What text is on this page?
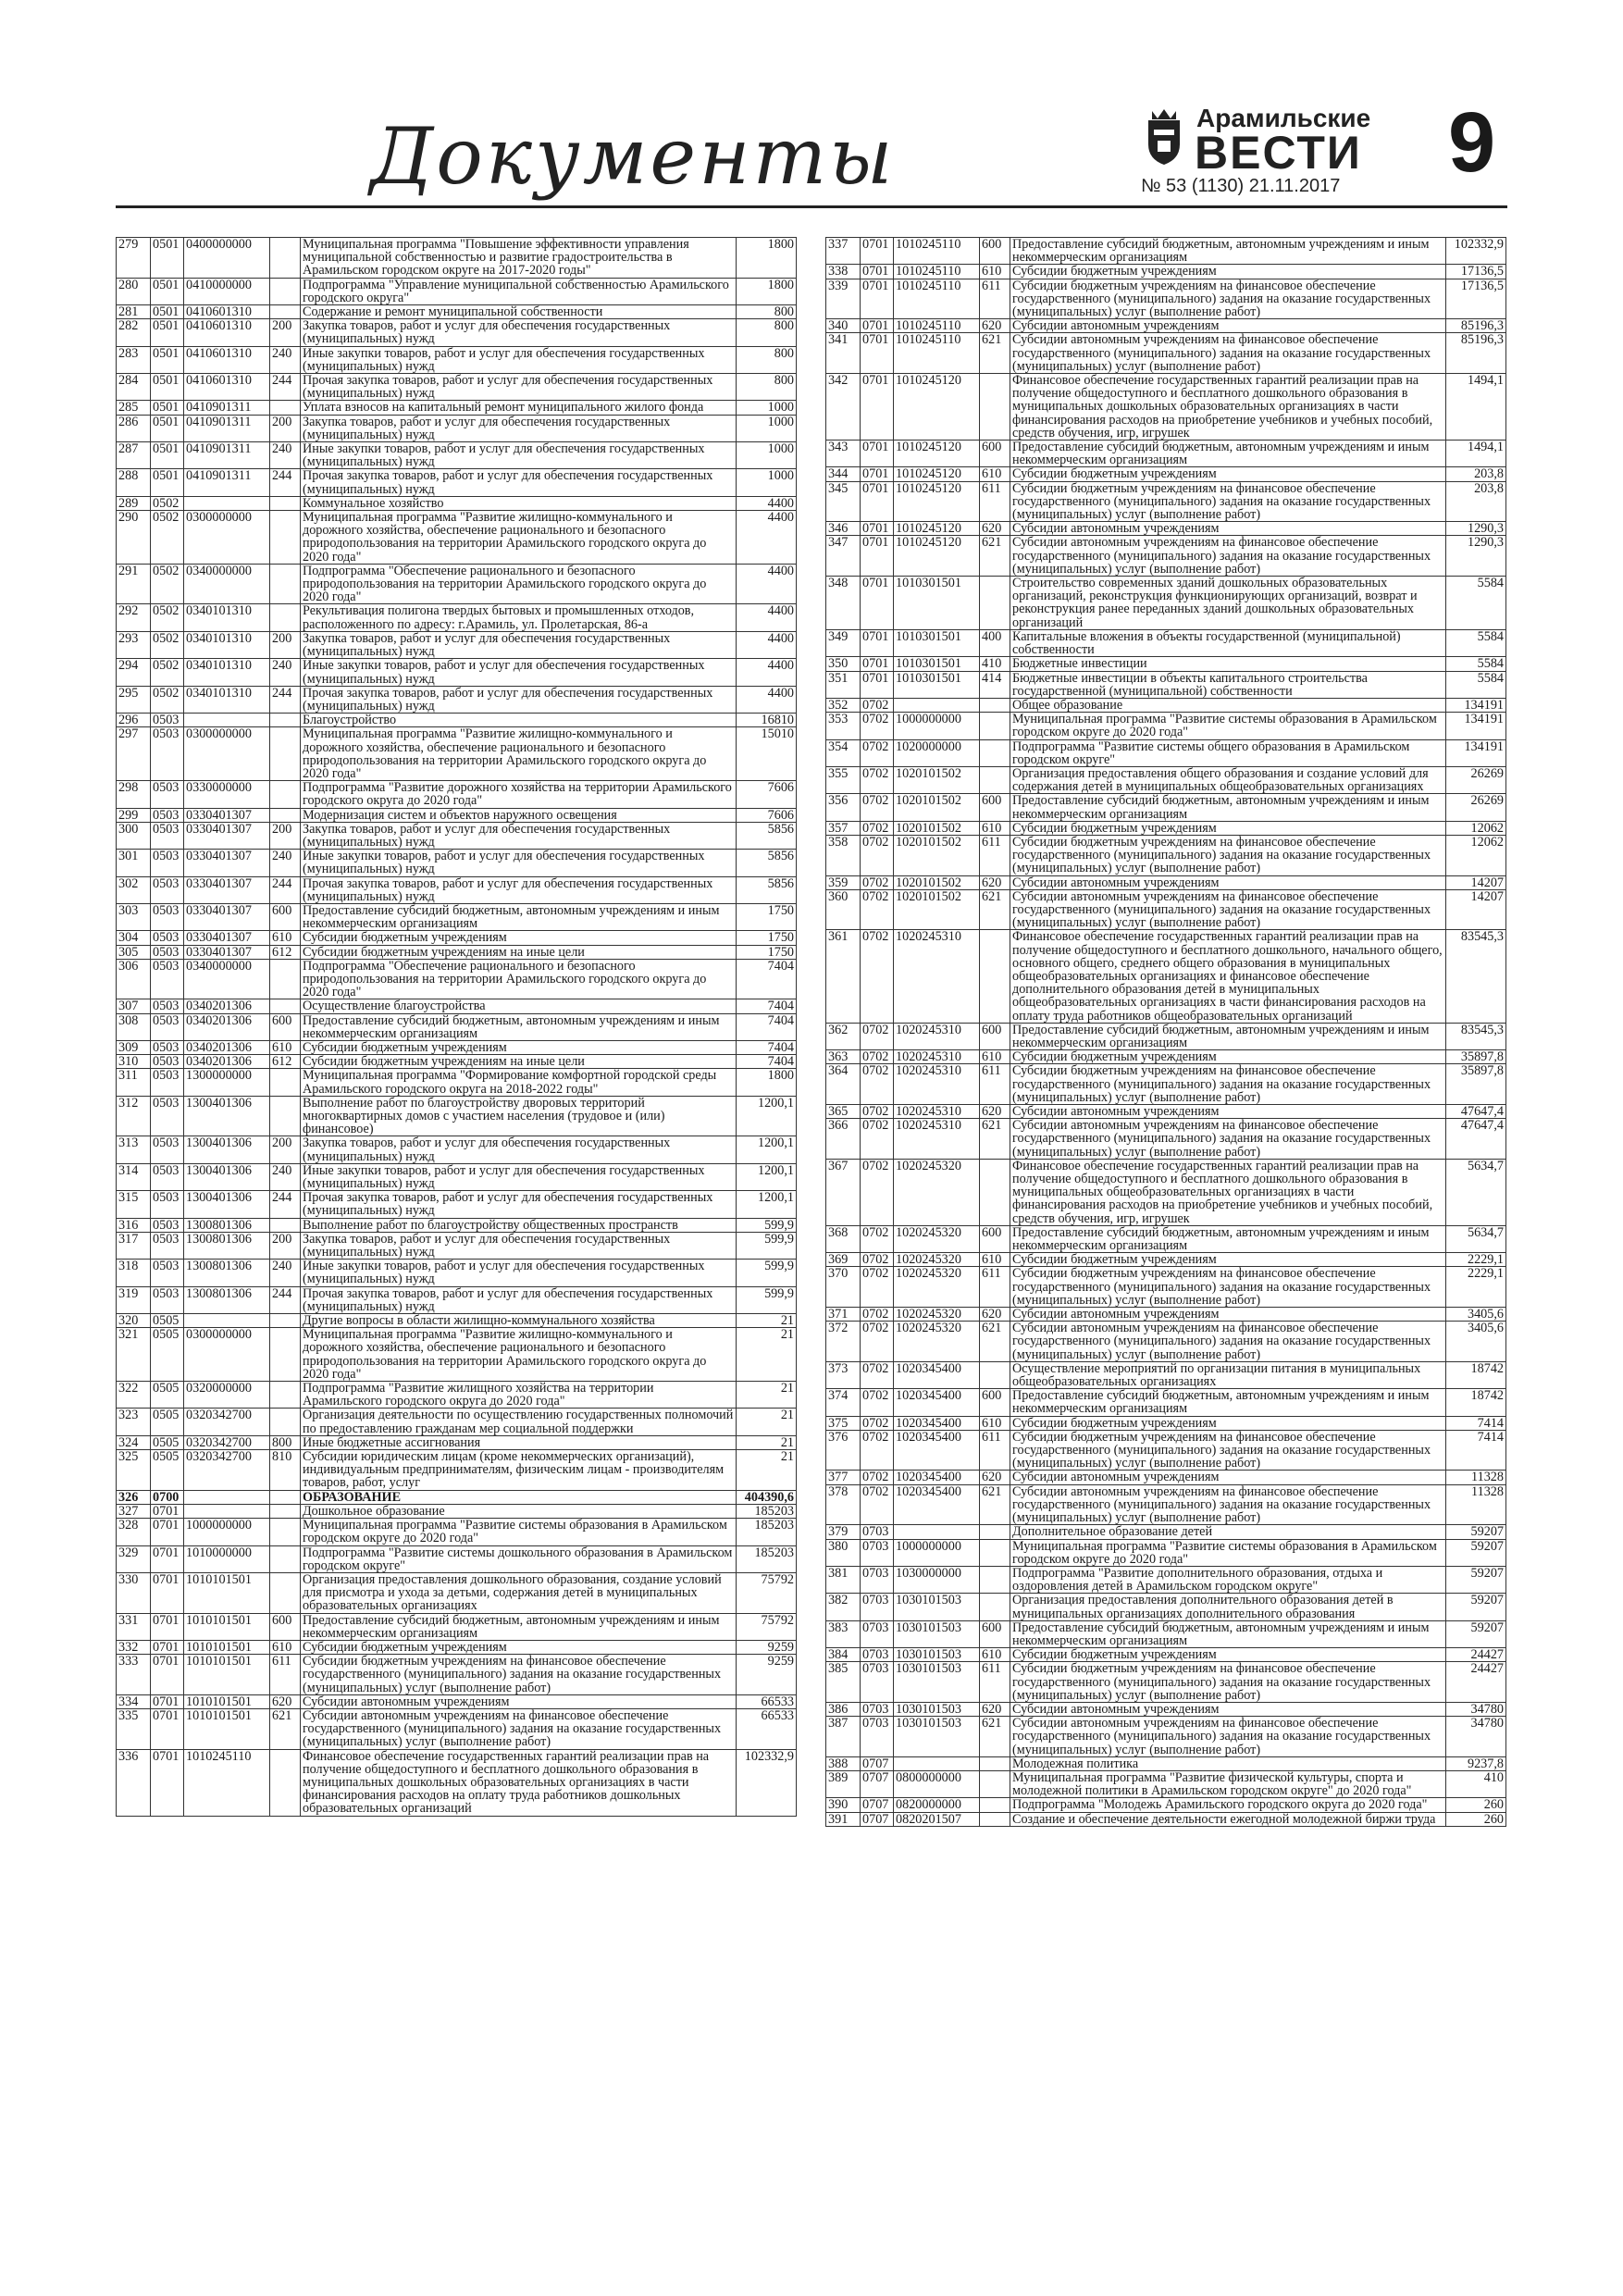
Документы	Арамильские
ВЕСТИ
№ 53 (1130) 21.11.2017 9
279	0501	0400000000		Муниципальная программа "Повышение эффективности управления муниципальной собственностью и развитие градостроительства в Арамильском городском округе на 2017-2020 годы"	1800
280	0501	0410000000		Подпрограмма "Управление муниципальной собственностью Арамильского городского округа"	1800
281	0501	0410601310		Содержание и ремонт муниципальной собственности	800
282	0501	0410601310	200	Закупка товаров, работ и услуг для обеспечения государственных (муниципальных) нужд	800
283	0501	0410601310	240	Иные закупки товаров, работ и услуг для обеспечения государственных (муниципальных) нужд	800
284	0501	0410601310	244	Прочая закупка товаров, работ и услуг для обеспечения государственных (муниципальных) нужд	800
285	0501	0410901311		Уплата взносов на капитальный ремонт муниципального жилого фонда	1000
286	0501	0410901311	200	Закупка товаров, работ и услуг для обеспечения государственных (муниципальных) нужд	1000
287	0501	0410901311	240	Иные закупки товаров, работ и услуг для обеспечения государственных (муниципальных) нужд	1000
288	0501	0410901311	244	Прочая закупка товаров, работ и услуг для обеспечения государственных (муниципальных) нужд	1000
289	0502			Коммунальное хозяйство	4400
290	0502	0300000000		Муниципальная программа "Развитие жилищно-коммунального и дорожного хозяйства, обеспечение рационального и безопасного природопользования на территории Арамильского городского округа до 2020 года"	4400
291	0502	0340000000		Подпрограмма "Обеспечение рационального и безопасного природопользования на территории Арамильского городского округа до 2020 года"	4400
292	0502	0340101310		Рекультивация полигона твердых бытовых и промышленных отходов, расположенного по адресу: г.Арамиль, ул. Пролетарская, 86-а	4400
293	0502	0340101310	200	Закупка товаров, работ и услуг для обеспечения государственных (муниципальных) нужд	4400
294	0502	0340101310	240	Иные закупки товаров, работ и услуг для обеспечения государственных (муниципальных) нужд	4400
295	0502	0340101310	244	Прочая закупка товаров, работ и услуг для обеспечения государственных (муниципальных) нужд	4400
296	0503			Благоустройство	16810
297	0503	0300000000		Муниципальная программа "Развитие жилищно-коммунального и дорожного хозяйства, обеспечение рационального и безопасного природопользования на территории Арамильского городского округа до 2020 года"	15010
298	0503	0330000000		Подпрограмма "Развитие дорожного хозяйства на территории Арамильского городского округа до 2020 года"	7606
299	0503	0330401307		Модернизация систем и объектов наружного освещения	7606
300	0503	0330401307	200	Закупка товаров, работ и услуг для обеспечения государственных (муниципальных) нужд	5856
301	0503	0330401307	240	Иные закупки товаров, работ и услуг для обеспечения государственных (муниципальных) нужд	5856
302	0503	0330401307	244	Прочая закупка товаров, работ и услуг для обеспечения государственных (муниципальных) нужд	5856
303	0503	0330401307	600	Предоставление субсидий бюджетным, автономным учреждениям и иным некоммерческим организациям	1750
304	0503	0330401307	610	Субсидии бюджетным учреждениям	1750
305	0503	0330401307	612	Субсидии бюджетным учреждениям на иные цели	1750
306	0503	0340000000		Подпрограмма "Обеспечение рационального и безопасного природопользования на территории Арамильского городского округа до 2020 года"	7404
307	0503	0340201306		Осуществление благоустройства	7404
308	0503	0340201306	600	Предоставление субсидий бюджетным, автономным учреждениям и иным некоммерческим организациям	7404
309	0503	0340201306	610	Субсидии бюджетным учреждениям	7404
310	0503	0340201306	612	Субсидии бюджетным учреждениям на иные цели	7404
311	0503	1300000000		Муниципальная программа "Формирование комфортной городской среды Арамильского городского округа на 2018-2022 годы"	1800
312	0503	1300401306		Выполнение работ по благоустройству дворовых территорий многоквартирных домов с участием населения (трудовое и (или) финансовое)	1200,1
313	0503	1300401306	200	Закупка товаров, работ и услуг для обеспечения государственных (муниципальных) нужд	1200,1
314	0503	1300401306	240	Иные закупки товаров, работ и услуг для обеспечения государственных (муниципальных) нужд	1200,1
315	0503	1300401306	244	Прочая закупка товаров, работ и услуг для обеспечения государственных (муниципальных) нужд	1200,1
316	0503	1300801306		Выполнение работ по благоустройству общественных пространств	599,9
317	0503	1300801306	200	Закупка товаров, работ и услуг для обеспечения государственных (муниципальных) нужд	599,9
318	0503	1300801306	240	Иные закупки товаров, работ и услуг для обеспечения государственных (муниципальных) нужд	599,9
319	0503	1300801306	244	Прочая закупка товаров, работ и услуг для обеспечения государственных (муниципальных) нужд	599,9
320	0505			Другие вопросы в области жилищно-коммунального хозяйства	21
321	0505	0300000000		Муниципальная программа "Развитие жилищно-коммунального и дорожного хозяйства, обеспечение рационального и безопасного природопользования на территории Арамильского городского округа до 2020 года"	21
322	0505	0320000000		Подпрограмма "Развитие жилищного хозяйства на территории Арамильского городского округа до 2020 года"	21
323	0505	0320342700		Организация деятельности по осуществлению государственных полномочий по предоставлению гражданам мер социальной поддержки	21
324	0505	0320342700	800	Иные бюджетные ассигнования	21
325	0505	0320342700	810	Субсидии юридическим лицам (кроме некоммерческих организаций), индивидуальным предпринимателям, физическим лицам - производителям товаров, работ, услуг	21
326	0700			ОБРАЗОВАНИЕ	404390,6
327	0701			Дошкольное образование	185203
328	0701	1000000000		Муниципальная программа "Развитие системы образования в Арамильском городском округе до 2020 года"	185203
329	0701	1010000000		Подпрограмма "Развитие системы дошкольного образования в Арамильском городском округе"	185203
330	0701	1010101501		Организация предоставления дошкольного образования, создание условий для присмотра и ухода за детьми, содержания детей в муниципальных образовательных организациях	75792
331	0701	1010101501	600	Предоставление субсидий бюджетным, автономным учреждениям и иным некоммерческим организациям	75792
332	0701	1010101501	610	Субсидии бюджетным учреждениям	9259
333	0701	1010101501	611	Субсидии бюджетным учреждениям на финансовое обеспечение государственного (муниципального) задания на оказание государственных (муниципальных) услуг (выполнение работ)	9259
334	0701	1010101501	620	Субсидии автономным учреждениям	66533
335	0701	1010101501	621	Субсидии автономным учреждениям на финансовое обеспечение государственного (муниципального) задания на оказание государственных (муниципальных) услуг (выполнение работ)	66533
336	0701	1010245110		Финансовое обеспечение государственных гарантий реализации прав на получение общедоступного и бесплатного дошкольного образования в муниципальных дошкольных образовательных организациях в части финансирования расходов на оплату труда работников дошкольных образовательных организаций	102332,9
337	0701	1010245110	600	Предоставление субсидий бюджетным, автономным учреждениям и иным некоммерческим организациям	102332,9
338	0701	1010245110	610	Субсидии бюджетным учреждениям	17136,5
339	0701	1010245110	611	Субсидии бюджетным учреждениям на финансовое обеспечение государственного (муниципального) задания на оказание государственных (муниципальных) услуг (выполнение работ)	17136,5
340	0701	1010245110	620	Субсидии автономным учреждениям	85196,3
341	0701	1010245110	621	Субсидии автономным учреждениям на финансовое обеспечение государственного (муниципального) задания на оказание государственных (муниципальных) услуг (выполнение работ)	85196,3
342	0701	1010245120		Финансовое обеспечение государственных гарантий реализации прав на получение общедоступного и бесплатного дошкольного образования в муниципальных дошкольных образовательных организациях в части финансирования расходов на приобретение учебников и учебных пособий, средств обучения, игр, игрушек	1494,1
343	0701	1010245120	600	Предоставление субсидий бюджетным, автономным учреждениям и иным некоммерческим организациям	1494,1
344	0701	1010245120	610	Субсидии бюджетным учреждениям	203,8
345	0701	1010245120	611	Субсидии бюджетным учреждениям на финансовое обеспечение государственного (муниципального) задания на оказание государственных (муниципальных) услуг (выполнение работ)	203,8
346	0701	1010245120	620	Субсидии автономным учреждениям	1290,3
347	0701	1010245120	621	Субсидии автономным учреждениям на финансовое обеспечение государственного (муниципального) задания на оказание государственных (муниципальных) услуг (выполнение работ)	1290,3
348	0701	1010301501		Строительство современных зданий дошкольных образовательных организаций, реконструкция функционирующих организаций, возврат и реконструкция ранее переданных зданий дошкольных образовательных организаций	5584
349	0701	1010301501	400	Капитальные вложения в объекты государственной (муниципальной) собственности	5584
350	0701	1010301501	410	Бюджетные инвестиции	5584
351	0701	1010301501	414	Бюджетные инвестиции в объекты капитального строительства государственной (муниципальной) собственности	5584
352	0702			Общее образование	134191
353	0702	1000000000		Муниципальная программа "Развитие системы образования в Арамильском городском округе до 2020 года"	134191
354	0702	1020000000		Подпрограмма "Развитие системы общего образования в Арамильском городском округе"	134191
355	0702	1020101502		Организация предоставления общего образования и создание условий для содержания детей в муниципальных общеобразовательных организациях	26269
356	0702	1020101502	600	Предоставление субсидий бюджетным, автономным учреждениям и иным некоммерческим организациям	26269
357	0702	1020101502	610	Субсидии бюджетным учреждениям	12062
358	0702	1020101502	611	Субсидии бюджетным учреждениям на финансовое обеспечение государственного (муниципального) задания на оказание государственных (муниципальных) услуг (выполнение работ)	12062
359	0702	1020101502	620	Субсидии автономным учреждениям	14207
360	0702	1020101502	621	Субсидии автономным учреждениям на финансовое обеспечение государственного (муниципального) задания на оказание государственных (муниципальных) услуг (выполнение работ)	14207
361	0702	1020245310		Финансовое обеспечение государственных гарантий реализации прав на получение общедоступного и бесплатного дошкольного, начального общего, основного общего, среднего общего образования в муниципальных общеобразовательных организациях и финансовое обеспечение дополнительного образования детей в муниципальных общеобразовательных организациях в части финансирования расходов на оплату труда работников общеобразовательных организаций	83545,3
362	0702	1020245310	600	Предоставление субсидий бюджетным, автономным учреждениям и иным некоммерческим организациям	83545,3
363	0702	1020245310	610	Субсидии бюджетным учреждениям	35897,8
364	0702	1020245310	611	Субсидии бюджетным учреждениям на финансовое обеспечение государственного (муниципального) задания на оказание государственных (муниципальных) услуг (выполнение работ)	35897,8
365	0702	1020245310	620	Субсидии автономным учреждениям	47647,4
366	0702	1020245310	621	Субсидии автономным учреждениям на финансовое обеспечение государственного (муниципального) задания на оказание государственных (муниципальных) услуг (выполнение работ)	47647,4
367	0702	1020245320		Финансовое обеспечение государственных гарантий реализации прав на получение общедоступного и бесплатного дошкольного образования в муниципальных общеобразовательных организациях в части финансирования расходов на приобретение учебников и учебных пособий, средств обучения, игр, игрушек	5634,7
368	0702	1020245320	600	Предоставление субсидий бюджетным, автономным учреждениям и иным некоммерческим организациям	5634,7
369	0702	1020245320	610	Субсидии бюджетным учреждениям	2229,1
370	0702	1020245320	611	Субсидии бюджетным учреждениям на финансовое обеспечение государственного (муниципального) задания на оказание государственных (муниципальных) услуг (выполнение работ)	2229,1
371	0702	1020245320	620	Субсидии автономным учреждениям	3405,6
372	0702	1020245320	621	Субсидии автономным учреждениям на финансовое обеспечение государственного (муниципального) задания на оказание государственных (муниципальных) услуг (выполнение работ)	3405,6
373	0702	1020345400		Осуществление мероприятий по организации питания в муниципальных общеобразовательных организациях	18742
374	0702	1020345400	600	Предоставление субсидий бюджетным, автономным учреждениям и иным некоммерческим организациям	18742
375	0702	1020345400	610	Субсидии бюджетным учреждениям	7414
376	0702	1020345400	611	Субсидии бюджетным учреждениям на финансовое обеспечение государственного (муниципального) задания на оказание государственных (муниципальных) услуг (выполнение работ)	7414
377	0702	1020345400	620	Субсидии автономным учреждениям	11328
378	0702	1020345400	621	Субсидии автономным учреждениям на финансовое обеспечение государственного (муниципального) задания на оказание государственных (муниципальных) услуг (выполнение работ)	11328
379	0703			Дополнительное образование детей	59207
380	0703	1000000000		Муниципальная программа "Развитие системы образования в Арамильском городском округе до 2020 года"	59207
381	0703	1030000000		Подпрограмма "Развитие дополнительного образования, отдыха и оздоровления детей в Арамильском городском округе"	59207
382	0703	1030101503		Организация предоставления дополнительного образования детей в муниципальных организациях дополнительного образования	59207
383	0703	1030101503	600	Предоставление субсидий бюджетным, автономным учреждениям и иным некоммерческим организациям	59207
384	0703	1030101503	610	Субсидии бюджетным учреждениям	24427
385	0703	1030101503	611	Субсидии бюджетным учреждениям на финансовое обеспечение государственного (муниципального) задания на оказание государственных (муниципальных) услуг (выполнение работ)	24427
386	0703	1030101503	620	Субсидии автономным учреждениям	34780
387	0703	1030101503	621	Субсидии автономным учреждениям на финансовое обеспечение государственного (муниципального) задания на оказание государственных (муниципальных) услуг (выполнение работ)	34780
388	0707			Молодежная политика	9237,8
389	0707	0800000000		Муниципальная программа "Развитие физической культуры, спорта и молодежной политики в Арамильском городском округе" до 2020 года"	410
390	0707	0820000000		Подпрограмма "Молодежь Арамильского городского округа до 2020 года"	260
391	0707	0820201507		Создание и обеспечение деятельности ежегодной молодежной биржи труда	260
